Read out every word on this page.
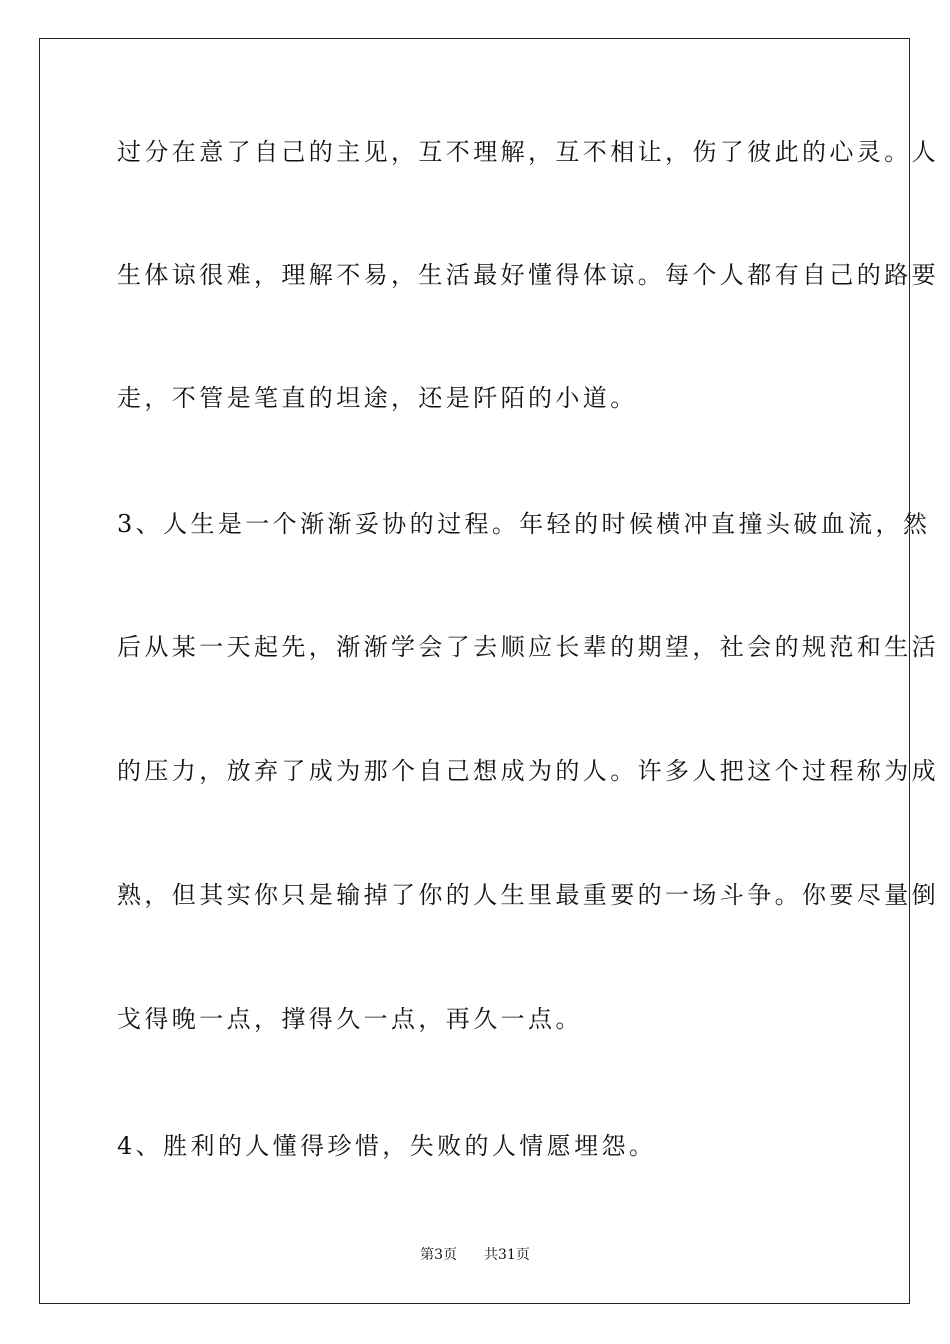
过分在意了自己的主见，互不理解，互不相让，伤了彼此的心灵。人
生体谅很难，理解不易，生活最好懂得体谅。每个人都有自己的路要
走，不管是笔直的坦途，还是阡陌的小道。
3、人生是一个渐渐妥协的过程。年轻的时候横冲直撞头破血流，然
后从某一天起先，渐渐学会了去顺应长辈的期望，社会的规范和生活
的压力，放弃了成为那个自己想成为的人。许多人把这个过程称为成
熟，但其实你只是输掉了你的人生里最重要的一场斗争。你要尽量倒
戈得晚一点，撑得久一点，再久一点。
4、胜利的人懂得珍惜，失败的人情愿埋怨。
第3页 共31页
